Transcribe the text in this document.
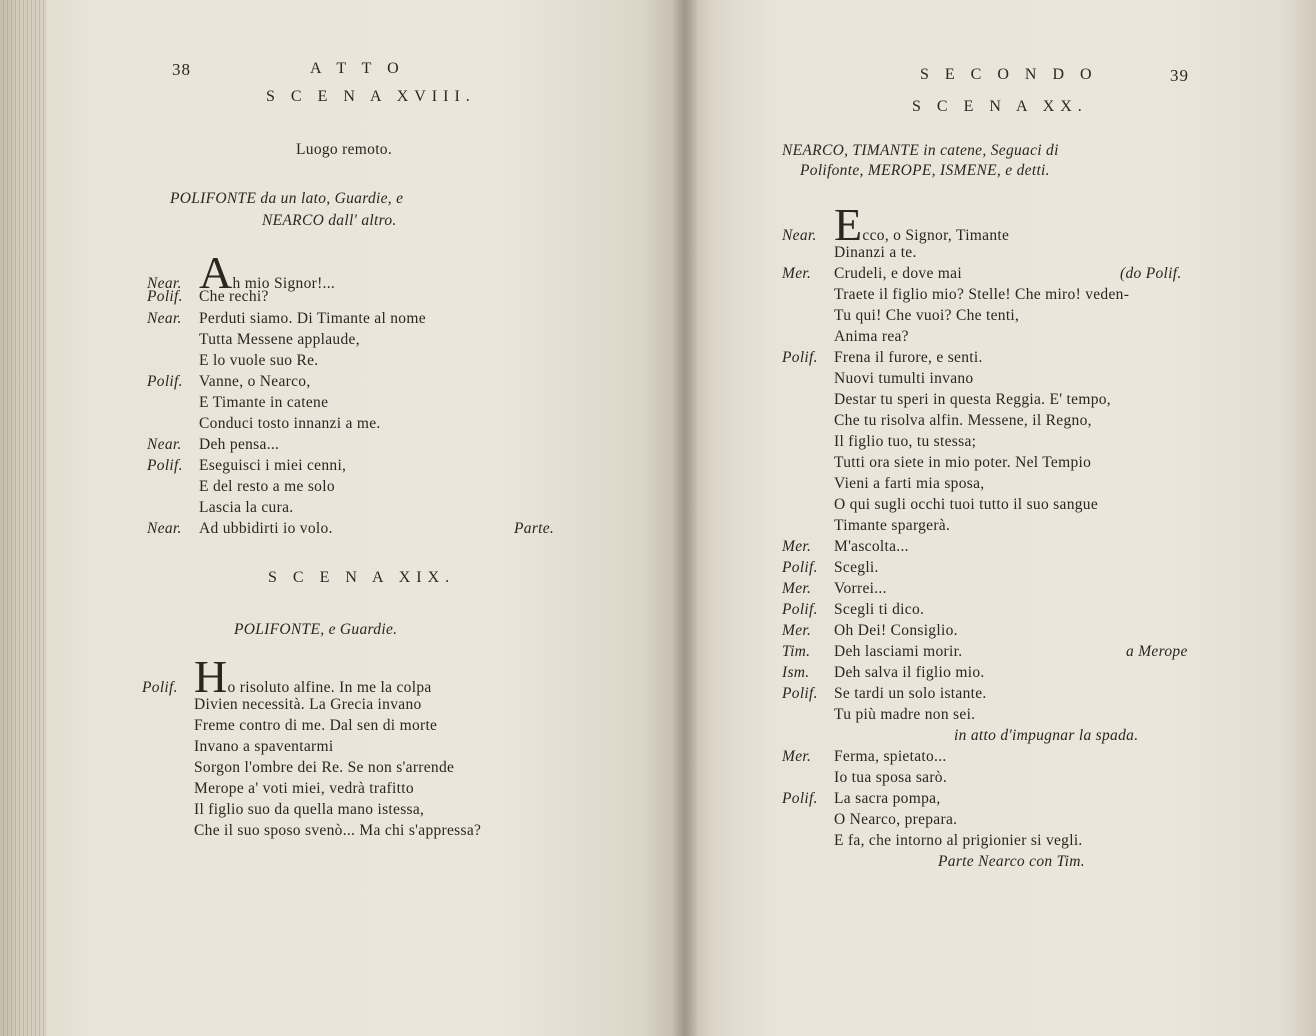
38	A T T O
S C E N A XVIII.
Luogo remoto.
POLIFONTE da un lato, Guardie, e
NEARCO dall' altro.
Near. Ah mio Signor!...
Polif. Che rechi?
Near. Perduti siamo. Di Timante al nome
Tutta Messene applaude,
E lo vuole suo Re.
Polif. Vanne, o Nearco,
E Timante in catene
Conduci tosto innanzi a me.
Near. Deh pensa...
Polif. Eseguisci i miei cenni,
E del resto a me solo
Lascia la cura.
Near. Ad ubbidirti io volo.	Parte.
S C E N A XIX.
POLIFONTE, e Guardie.
Polif. Ho risoluto alfine. In me la colpa
Divien necessità. La Grecia invano
Freme contro di me. Dal sen di morte
Invano a spaventarmi
Sorgon l'ombre dei Re. Se non s'arrende
Merope a' voti miei, vedrà trafitto
Il figlio suo da quella mano istessa,
Che il suo sposo svenò... Ma chi s'appressa?
S E C O N D O	39
S C E N A XX.
NEARCO, TIMANTE in catene, Seguaci di
Polifonte, MEROPE, ISMENE, e detti.
Near. Ecco, o Signor, Timante
Dinanzi a te.
Mer. Crudeli, e dove mai	(do Polif.
Traete il figlio mio? Stelle! Che miro! veden-
Tu qui! Che vuoi? Che tenti,
Anima rea?
Polif. Frena il furore, e senti.
Nuovi tumulti invano
Destar tu speri in questa Reggia. E' tempo,
Che tu risolva alfin. Messene, il Regno,
Il figlio tuo, tu stessa;
Tutti ora siete in mio poter. Nel Tempio
Vieni a farti mia sposa,
O qui sugli occhi tuoi tutto il suo sangue
Timante spargerà.
Mer. M'ascolta...
Polif. Scegli.
Mer. Vorrei...
Polif. Scegli ti dico.
Mer. Oh Dei! Consiglio.
Tim. Deh lasciami morir.	a Merope
Ism. Deh salva il figlio mio.
Polif. Se tardi un solo istante.
Tu più madre non sei.
in atto d'impugnar la spada.
Mer. Ferma, spietato...
Io tua sposa sarò.
Polif. La sacra pompa,
O Nearco, prepara.
E fa, che intorno al prigionier si vegli.
Parte Nearco con Tim.
